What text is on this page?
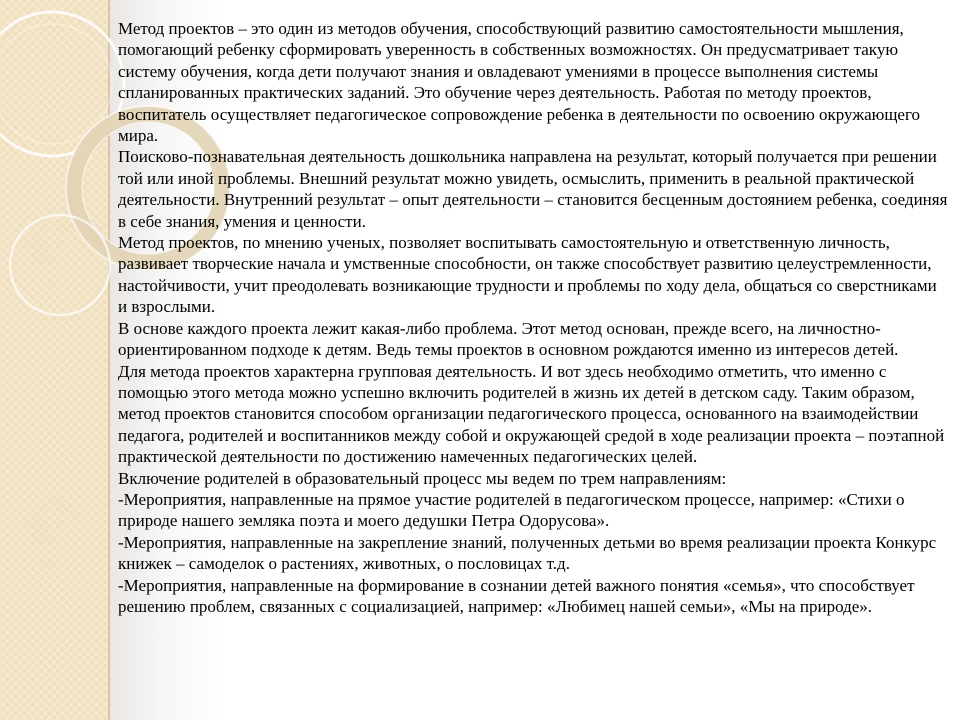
Метод проектов – это один из методов обучения, способствующий развитию самостоятельности мышления, помогающий ребенку сформировать уверенность в собственных возможностях. Он предусматривает такую систему обучения, когда дети получают знания и овладевают умениями в процессе выполнения системы спланированных практических заданий. Это обучение через деятельность. Работая по методу проектов, воспитатель осуществляет педагогическое сопровождение ребенка в деятельности по освоению окружающего мира.

Поисково-познавательная деятельность дошкольника направлена на результат, который получается при решении той или иной проблемы. Внешний результат можно увидеть, осмыслить, применить в реальной практической деятельности. Внутренний результат – опыт деятельности – становится бесценным достоянием ребенка, соединяя в себе знания, умения и ценности.

Метод проектов, по мнению ученых, позволяет воспитывать самостоятельную и ответственную личность, развивает творческие начала и умственные способности, он также способствует развитию целеустремленности, настойчивости, учит преодолевать возникающие трудности и проблемы по ходу дела, общаться со сверстниками и взрослыми.

В основе каждого проекта лежит какая-либо проблема. Этот метод основан, прежде всего, на личностно-ориентированном подходе к детям. Ведь темы проектов в основном рождаются именно из интересов детей.

Для метода проектов характерна групповая деятельность. И вот здесь необходимо отметить, что именно с помощью этого метода можно успешно включить родителей в жизнь их детей в детском саду. Таким образом, метод проектов становится способом организации педагогического процесса, основанного на взаимодействии педагога, родителей и воспитанников между собой и окружающей средой в ходе реализации проекта – поэтапной практической деятельности по достижению намеченных педагогических целей.

Включение родителей в образовательный процесс мы ведем по трем направлениям:

-Мероприятия, направленные на прямое участие родителей в педагогическом процессе, например: «Стихи о природе нашего земляка поэта и моего дедушки Петра Одорусова».

-Мероприятия, направленные на закрепление знаний, полученных детьми во время реализации проекта Конкурс книжек – самоделок о растениях, животных, о пословицах т.д.

-Мероприятия, направленные на формирование в сознании детей важного понятия «семья», что способствует решению проблем, связанных с социализацией, например: «Любимец нашей семьи», «Мы на природе».
